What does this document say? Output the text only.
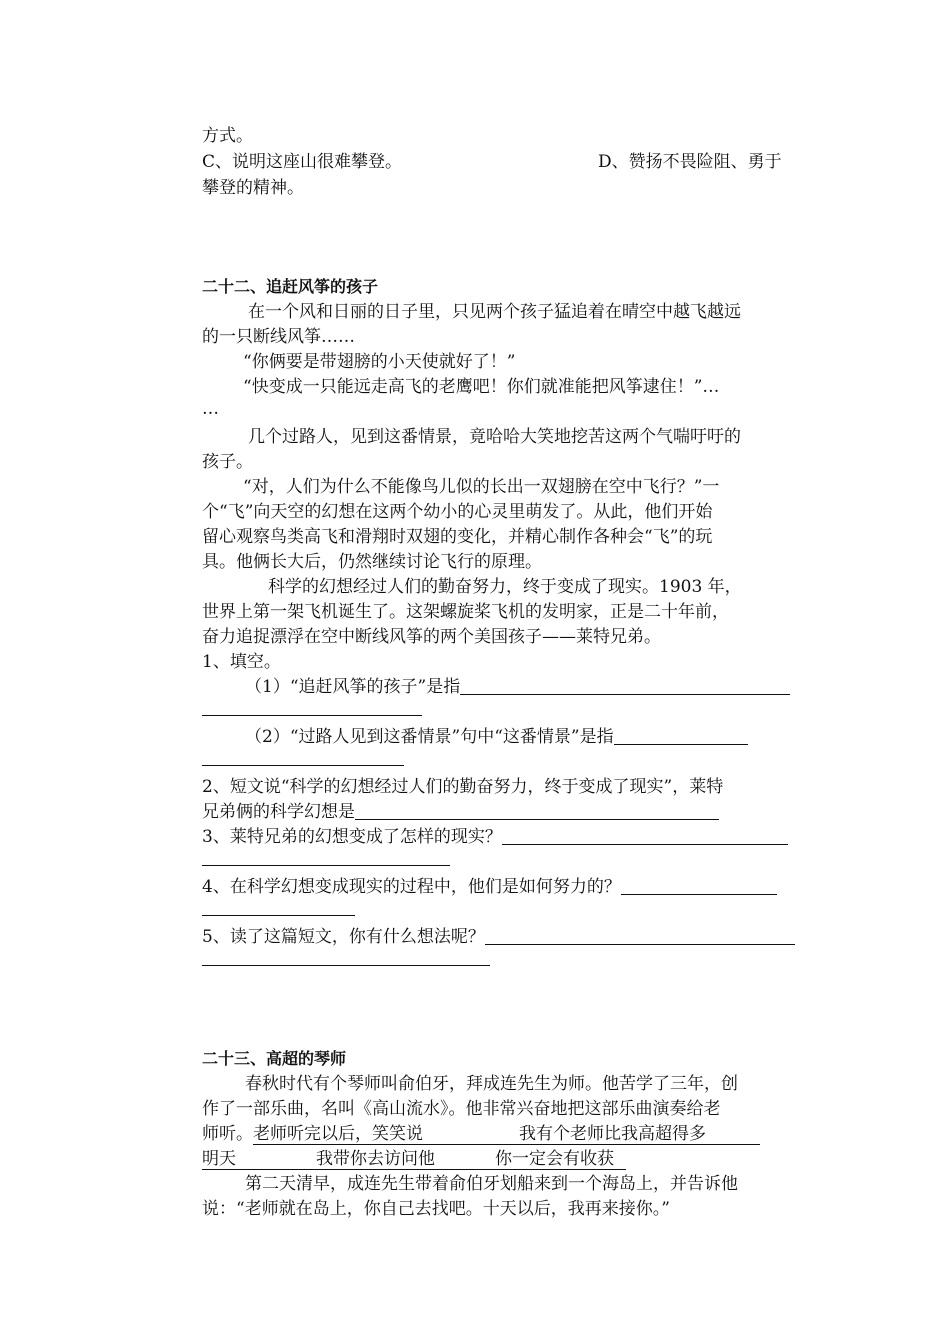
方式。
C、说明这座山很难攀登。	D、赞扬不畏险阻、勇于
攀登的精神。
二十二、追赶风筝的孩子
在一个风和日丽的日子里，只见两个孩子猛追着在晴空中越飞越远
的一只断线风筝……
“你俩要是带翅膀的小天使就好了！”
“快变成一只能远走高飞的老鹰吧！你们就准能把风筝逮住！”…
…
几个过路人，见到这番情景，竟哈哈大笑地挖苦这两个气喘吁吁的
孩子。
“对，人们为什么不能像鸟儿似的长出一双翅膀在空中飞行？”一
个“飞”向天空的幻想在这两个幼小的心灵里萌发了。从此，他们开始
留心观察鸟类高飞和滑翔时双翅的变化，并精心制作各种会“飞”的玩
具。他俩长大后，仍然继续讨论飞行的原理。
科学的幻想经过人们的勤奋努力，终于变成了现实。1903 年，
世界上第一架飞机诞生了。这架螺旋桨飞机的发明家，正是二十年前，
奋力追捉漂浮在空中断线风筝的两个美国孩子——莱特兄弟。
1、填空。
（1）“追赶风筝的孩子”是指
（2）“过路人见到这番情景”句中“这番情景”是指
2、短文说“科学的幻想经过人们的勤奋努力，终于变成了现实”，莱特
兄弟俩的科学幻想是
3、莱特兄弟的幻想变成了怎样的现实？
4、在科学幻想变成现实的过程中，他们是如何努力的？
5、读了这篇短文，你有什么想法呢？
二十三、高超的琴师
春秋时代有个琴师叫俞伯牙，拜成连先生为师。他苦学了三年，创
作了一部乐曲，名叫《高山流水》。他非常兴奋地把这部乐曲演奏给老
师听。老师听完以后，笑笑说	我有个老师比我高超得多
明天	我带你去访问他	你一定会有收获
第二天清早，成连先生带着俞伯牙划船来到一个海岛上，并告诉他
说：“老师就在岛上，你自己去找吧。十天以后，我再来接你。”
